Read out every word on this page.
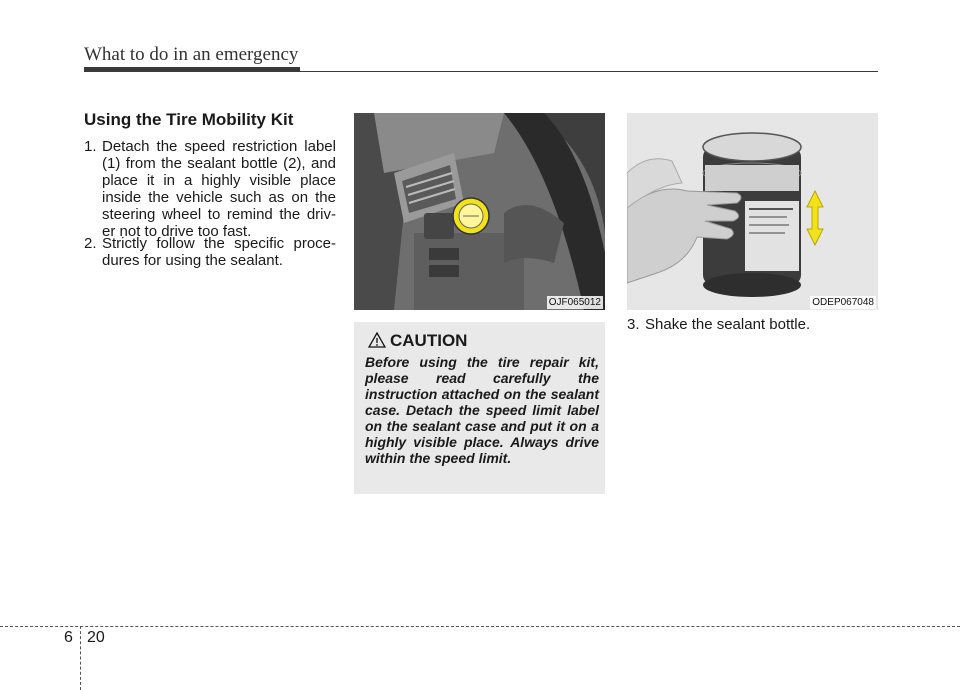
What to do in an emergency
Using the Tire Mobility Kit

1. Detach the speed restriction label (1) from the sealant bottle (2), and place it in a highly visible place inside the vehicle such as on the steering wheel to remind the driv-er not to drive too fast.

2. Strictly follow the specific proce-dures for using the sealant.

OJF065012	ODEP067048
CAUTION

Before using the tire repair kit, please read carefully the instruction attached on the sealant case. Detach the speed limit label on the sealant case and put it on a highly visible place. Always drive within the speed limit.

3. Shake the sealant bottle.

6 20
